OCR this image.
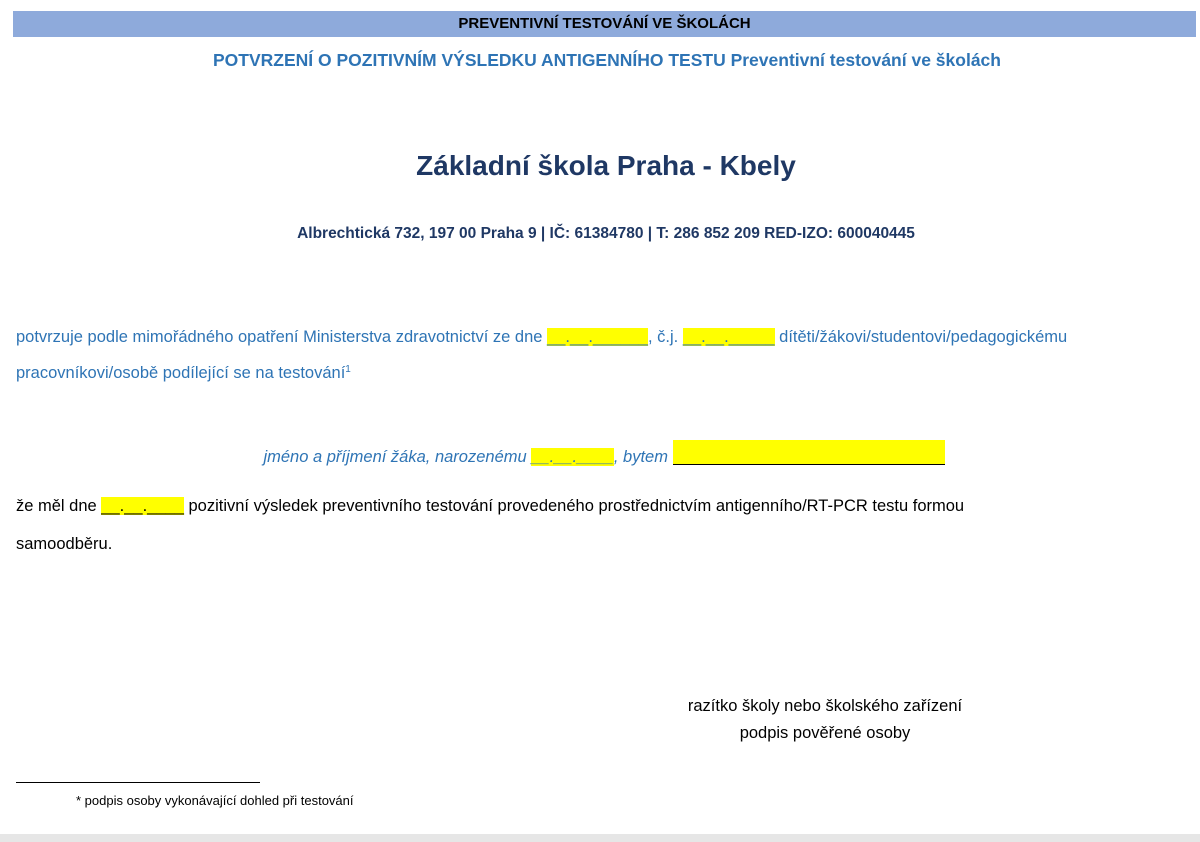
PREVENTIVNÍ TESTOVÁNÍ VE ŠKOLÁCH
POTVRZENÍ O POZITIVNÍM VÝSLEDKU ANTIGENNÍHO TESTU Preventivní testování ve školách
Základní škola Praha - Kbely
Albrechtická 732, 197 00 Praha 9 | IČ: 61384780 | T: 286 852 209 RED-IZO: 600040445
potvrzuje podle mimořádného opatření Ministerstva zdravotnictví ze dne __.__.______, č.j. __.__._____ dítěti/žákovi/studentovi/pedagogickému
pracovníkovi/osobě podílející se na testování$^1$
jméno a příjmení žáka, narozenému __.__.____, bytem
že měl dne __.__.____ pozitivní výsledek preventivního testování provedeného prostřednictvím antigenního/RT-PCR testu formou
samoodběru.
razítko školy nebo školského zařízení
podpis pověřené osoby
* podpis osoby vykonávající dohled při testování
